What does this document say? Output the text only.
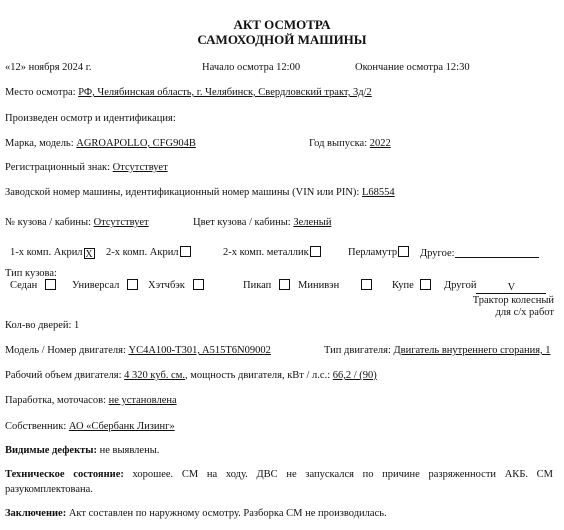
АКТ ОСМОТРА
САМОХОДНОЙ МАШИНЫ
«12» ноября 2024 г.	Начало осмотра 12:00	Окончание осмотра 12:30
Место осмотра: РФ, Челябинская область, г. Челябинск, Свердловский тракт, 3д/2
Произведен осмотр и идентификация:
Марка, модель: AGROAPOLLO, CFG904B	Год выпуска: 2022
Регистрационный знак: Отсутствует
Заводской номер машины, идентификационный номер машины (VIN или PIN): L68554
№ кузова / кабины: Отсутствует	Цвет кузова / кабины: Зеленый
1-х комп. Акрил X 2-х комп. Акрил	2-х комп. металлик	Перламутр	Другое:
Тип кузова:
Седан	Универсал	Хэтчбэк	Пикап	Минивэн	Купе	Другой	V
Трактор колесный
для с/х работ
Кол-во дверей: 1
Модель / Номер двигателя: YC4A100-T301, A515T6N09002	Тип двигателя: Двигатель внутреннего сгорания, 1
Рабочий объем двигателя: 4 320 куб. см., мощность двигателя, кВт / л.с.: 66,2 / (90)
Паработка, моточасов: не установлена
Собственник: АО «Сбербанк Лизинг»
Видимые дефекты: не выявлены.
Техническое состояние: хорошее. СМ на ходу. ДВС не запускался по причине разряженности АКБ. СМ разукомплектована.
Заключение: Акт составлен по наружному осмотру. Разборка СМ не производилась.
